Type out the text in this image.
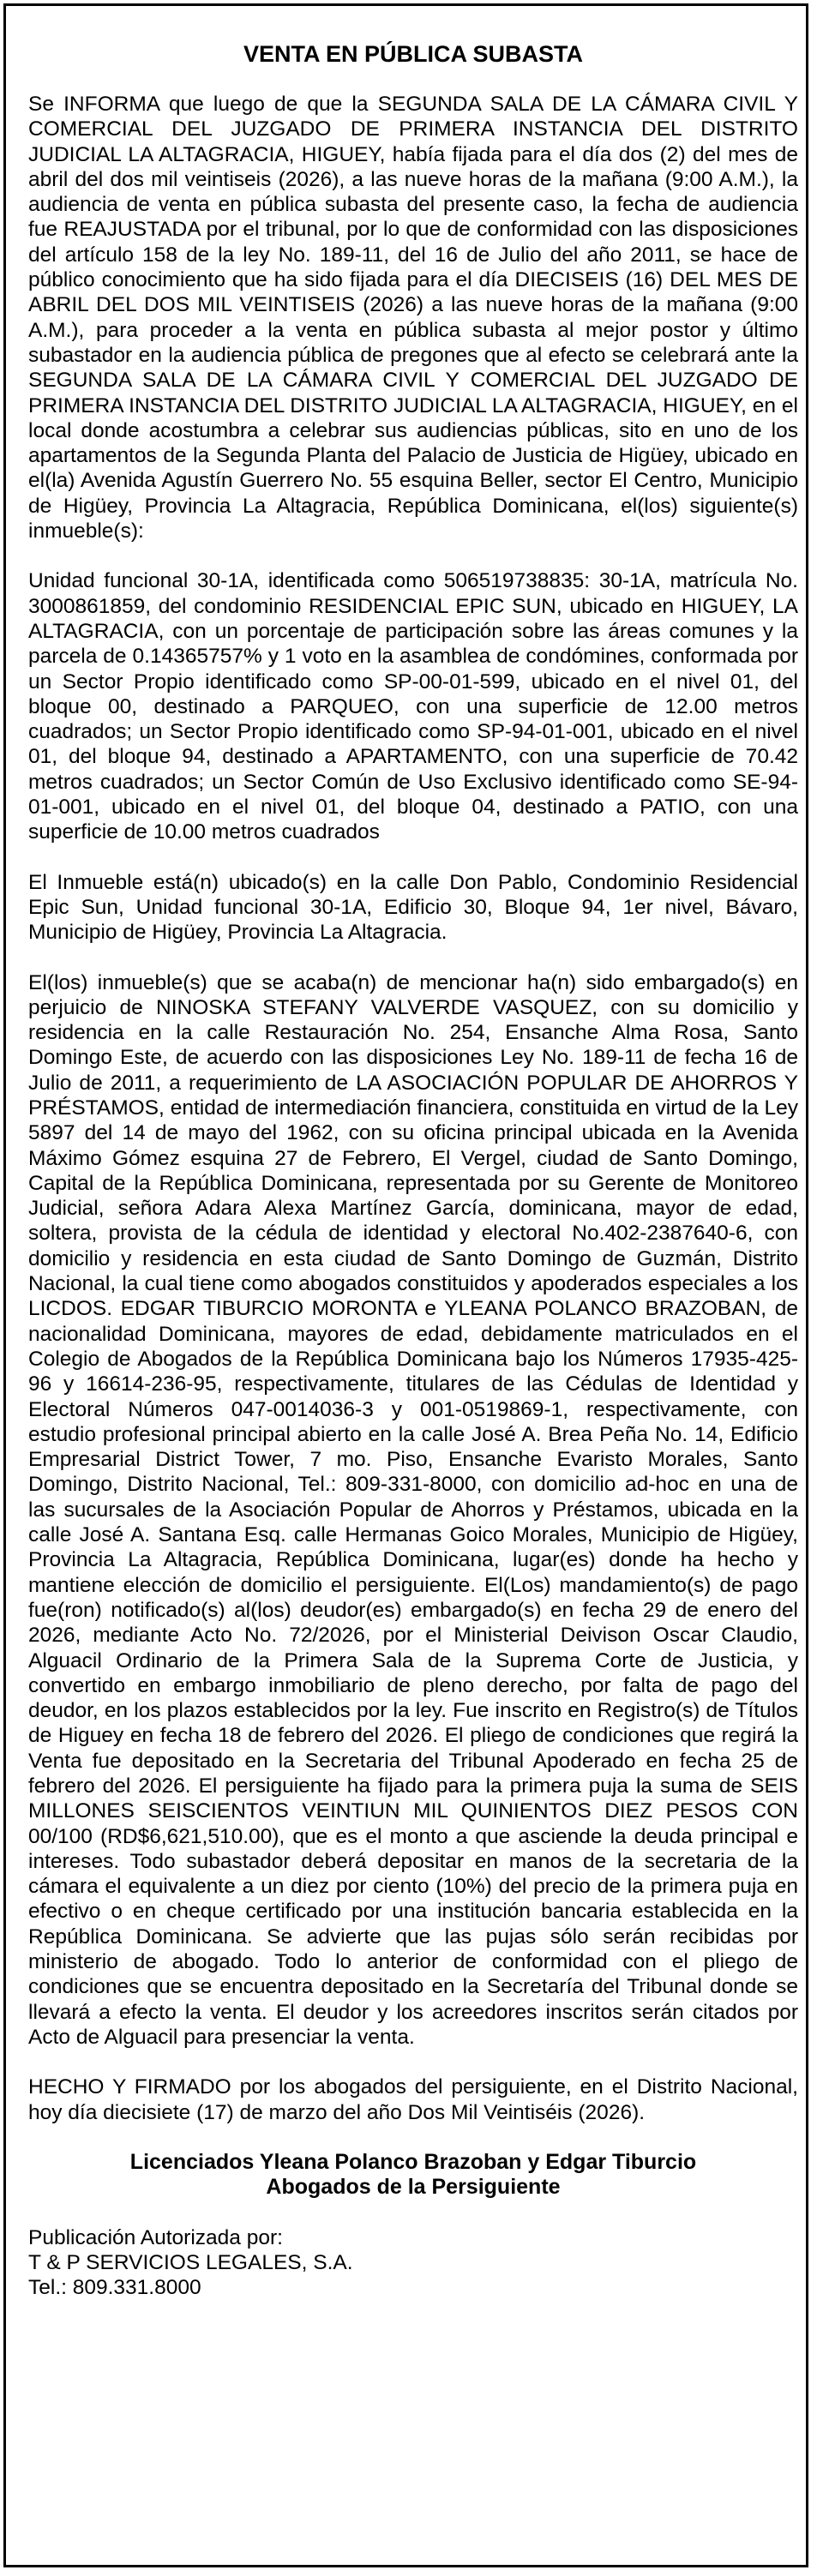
VENTA EN PÚBLICA SUBASTA

Se INFORMA que luego de que la SEGUNDA SALA DE LA CÁMARA CIVIL Y COMERCIAL DEL JUZGADO DE PRIMERA INSTANCIA DEL DISTRITO JUDICIAL LA ALTAGRACIA, HIGUEY, había fijada para el día dos (2) del mes de abril del dos mil veintiseis (2026), a las nueve horas de la mañana (9:00 A.M.), la audiencia de venta en pública subasta del presente caso, la fecha de audiencia fue REAJUSTADA por el tribunal, por lo que de conformidad con las disposiciones del artículo 158 de la ley No. 189-11, del 16 de Julio del año 2011, se hace de público conocimiento que ha sido fijada para el día DIECISEIS (16) DEL MES DE ABRIL DEL DOS MIL VEINTISEIS (2026) a las nueve horas de la mañana (9:00 A.M.), para proceder a la venta en pública subasta al mejor postor y último subastador en la audiencia pública de pregones que al efecto se celebrará ante la SEGUNDA SALA DE LA CÁMARA CIVIL Y COMERCIAL DEL JUZGADO DE PRIMERA INSTANCIA DEL DISTRITO JUDICIAL LA ALTAGRACIA, HIGUEY, en el local donde acostumbra a celebrar sus audiencias públicas, sito en uno de los apartamentos de la Segunda Planta del Palacio de Justicia de Higüey, ubicado en el(la) Avenida Agustín Guerrero No. 55 esquina Beller, sector El Centro, Municipio de Higüey, Provincia La Altagracia, República Dominicana, el(los) siguiente(s) inmueble(s):

Unidad funcional 30-1A, identificada como 506519738835: 30-1A, matrícula No. 3000861859, del condominio RESIDENCIAL EPIC SUN, ubicado en HIGUEY, LA ALTAGRACIA, con un porcentaje de participación sobre las áreas comunes y la parcela de 0.14365757% y 1 voto en la asamblea de condómines, conformada por un Sector Propio identificado como SP-00-01-599, ubicado en el nivel 01, del bloque 00, destinado a PARQUEO, con una superficie de 12.00 metros cuadrados; un Sector Propio identificado como SP-94-01-001, ubicado en el nivel 01, del bloque 94, destinado a APARTAMENTO, con una superficie de 70.42 metros cuadrados; un Sector Común de Uso Exclusivo identificado como SE-94-01-001, ubicado en el nivel 01, del bloque 04, destinado a PATIO, con una superficie de 10.00 metros cuadrados

El Inmueble está(n) ubicado(s) en la calle Don Pablo, Condominio Residencial Epic Sun, Unidad funcional 30-1A, Edificio 30, Bloque 94, 1er nivel, Bávaro, Municipio de Higüey, Provincia La Altagracia.

El(los) inmueble(s) que se acaba(n) de mencionar ha(n) sido embargado(s) en perjuicio de NINOSKA STEFANY VALVERDE VASQUEZ, con su domicilio y residencia en la calle Restauración No. 254, Ensanche Alma Rosa, Santo Domingo Este, de acuerdo con las disposiciones Ley No. 189-11 de fecha 16 de Julio de 2011, a requerimiento de LA ASOCIACIÓN POPULAR DE AHORROS Y PRÉSTAMOS, entidad de intermediación financiera, constituida en virtud de la Ley 5897 del 14 de mayo del 1962, con su oficina principal ubicada en la Avenida Máximo Gómez esquina 27 de Febrero, El Vergel, ciudad de Santo Domingo, Capital de la República Dominicana, representada por su Gerente de Monitoreo Judicial, señora Adara Alexa Martínez García, dominicana, mayor de edad, soltera, provista de la cédula de identidad y electoral No.402-2387640-6, con domicilio y residencia en esta ciudad de Santo Domingo de Guzmán, Distrito Nacional, la cual tiene como abogados constituidos y apoderados especiales a los LICDOS. EDGAR TIBURCIO MORONTA e YLEANA POLANCO BRAZOBAN, de nacionalidad Dominicana, mayores de edad, debidamente matriculados en el Colegio de Abogados de la República Dominicana bajo los Números 17935-425-96 y 16614-236-95, respectivamente, titulares de las Cédulas de Identidad y Electoral Números 047-0014036-3 y 001-0519869-1, respectivamente, con estudio profesional principal abierto en la calle José A. Brea Peña No. 14, Edificio Empresarial District Tower, 7 mo. Piso, Ensanche Evaristo Morales, Santo Domingo, Distrito Nacional, Tel.: 809-331-8000, con domicilio ad-hoc en una de las sucursales de la Asociación Popular de Ahorros y Préstamos, ubicada en la calle José A. Santana Esq. calle Hermanas Goico Morales, Municipio de Higüey, Provincia La Altagracia, República Dominicana, lugar(es) donde ha hecho y mantiene elección de domicilio el persiguiente. El(Los) mandamiento(s) de pago fue(ron) notificado(s) al(los) deudor(es) embargado(s) en fecha 29 de enero del 2026, mediante Acto No. 72/2026, por el Ministerial Deivison Oscar Claudio, Alguacil Ordinario de la Primera Sala de la Suprema Corte de Justicia, y convertido en embargo inmobiliario de pleno derecho, por falta de pago del deudor, en los plazos establecidos por la ley. Fue inscrito en Registro(s) de Títulos de Higuey en fecha 18 de febrero del 2026. El pliego de condiciones que regirá la Venta fue depositado en la Secretaria del Tribunal Apoderado en fecha 25 de febrero del 2026. El persiguiente ha fijado para la primera puja la suma de SEIS MILLONES SEISCIENTOS VEINTIUN MIL QUINIENTOS DIEZ PESOS CON 00/100 (RD$6,621,510.00), que es el monto a que asciende la deuda principal e intereses. Todo subastador deberá depositar en manos de la secretaria de la cámara el equivalente a un diez por ciento (10%) del precio de la primera puja en efectivo o en cheque certificado por una institución bancaria establecida en la República Dominicana. Se advierte que las pujas sólo serán recibidas por ministerio de abogado. Todo lo anterior de conformidad con el pliego de condiciones que se encuentra depositado en la Secretaría del Tribunal donde se llevará a efecto la venta. El deudor y los acreedores inscritos serán citados por Acto de Alguacil para presenciar la venta.

HECHO Y FIRMADO por los abogados del persiguiente, en el Distrito Nacional, hoy día diecisiete (17) de marzo del año Dos Mil Veintiséis (2026).

Licenciados Yleana Polanco Brazoban y Edgar Tiburcio
Abogados de la Persiguiente
Publicación Autorizada por:
T & P SERVICIOS LEGALES, S.A.
Tel.: 809.331.8000
